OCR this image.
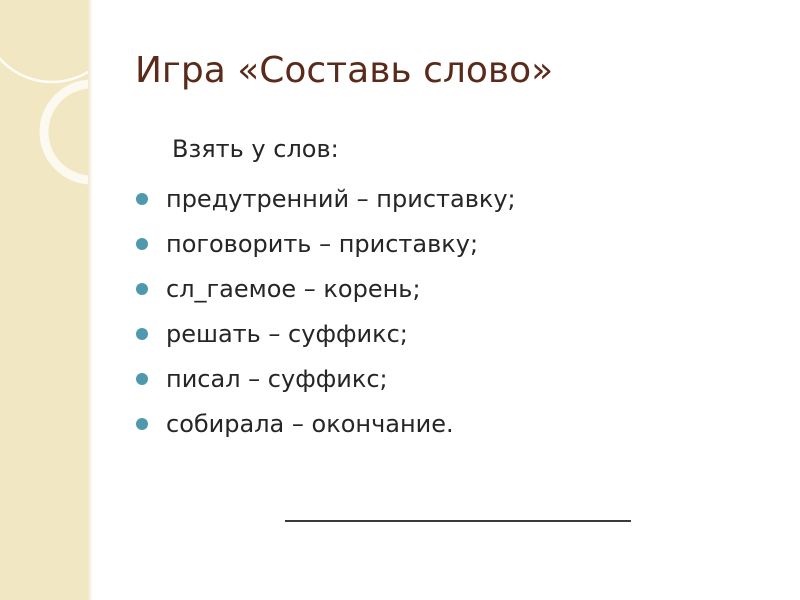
Игра «Составь слово»
Взять у слов:
предутренний – приставку;
поговорить – приставку;
сл_гаемое – корень;
решать – суффикс;
писал – суффикс;
собирала – окончание.
